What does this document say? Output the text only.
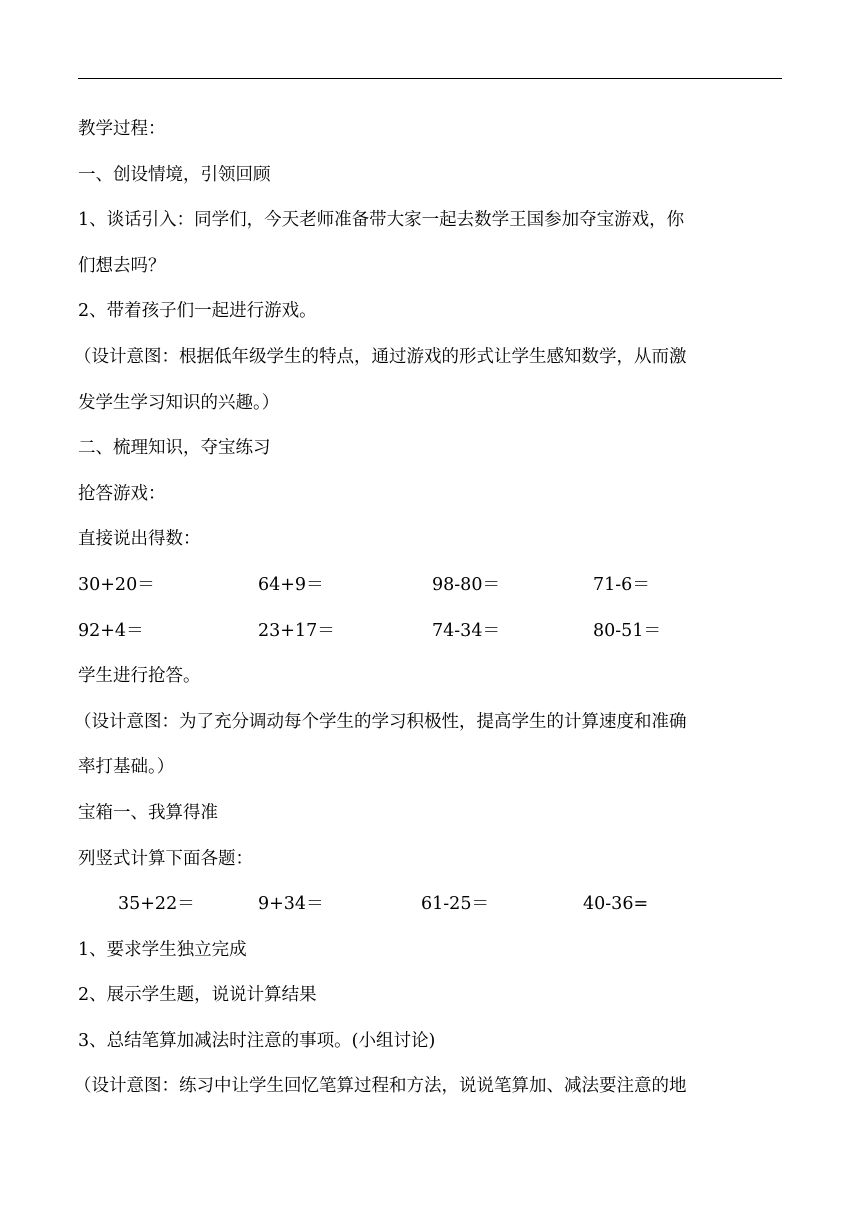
教学过程：
一、创设情境，引领回顾
1、谈话引入：同学们，今天老师准备带大家一起去数学王国参加夺宝游戏，你
们想去吗？
2、带着孩子们一起进行游戏。
（设计意图：根据低年级学生的特点，通过游戏的形式让学生感知数学，从而激
发学生学习知识的兴趣。）
二、梳理知识，夺宝练习
抢答游戏：
直接说出得数：
30+20＝	64+9＝	98-80＝	71-6＝
92+4＝	23+17＝	74-34＝	80-51＝
学生进行抢答。
（设计意图：为了充分调动每个学生的学习积极性，提高学生的计算速度和准确
率打基础。）
宝箱一、我算得准
列竖式计算下面各题：
35+22＝	9+34＝	61-25＝	40-36=
1、要求学生独立完成
2、展示学生题，说说计算结果
3、总结笔算加减法时注意的事项。(小组讨论)
（设计意图：练习中让学生回忆笔算过程和方法，说说笔算加、减法要注意的地
